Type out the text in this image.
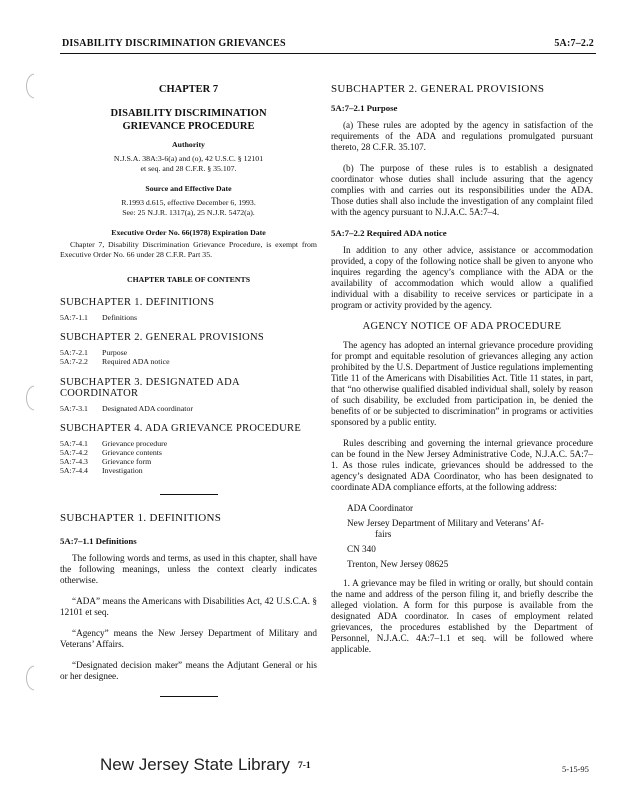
DISABILITY DISCRIMINATION GRIEVANCES	5A:7–2.2
CHAPTER 7
DISABILITY DISCRIMINATION
GRIEVANCE PROCEDURE
Authority
N.J.S.A. 38A:3-6(a) and (o), 42 U.S.C. § 12101
et seq. and 28 C.F.R. § 35.107.
Source and Effective Date
R.1993 d.615, effective December 6, 1993.
See: 25 N.J.R. 1317(a), 25 N.J.R. 5472(a).
Executive Order No. 66(1978) Expiration Date
Chapter 7, Disability Discrimination Grievance Procedure, is exempt from Executive Order No. 66 under 28 C.F.R. Part 35.
CHAPTER TABLE OF CONTENTS
SUBCHAPTER 1. DEFINITIONS
5A:7-1.1	Definitions
SUBCHAPTER 2. GENERAL PROVISIONS
5A:7-2.1	Purpose
5A:7-2.2	Required ADA notice
SUBCHAPTER 3. DESIGNATED ADA COORDINATOR
5A:7-3.1	Designated ADA coordinator
SUBCHAPTER 4. ADA GRIEVANCE PROCEDURE
5A:7-4.1	Grievance procedure
5A:7-4.2	Grievance contents
5A:7-4.3	Grievance form
5A:7-4.4	Investigation
SUBCHAPTER 1. DEFINITIONS
5A:7–1.1 Definitions

The following words and terms, as used in this chapter, shall have the following meanings, unless the context clearly indicates otherwise.

“ADA” means the Americans with Disabilities Act, 42 U.S.C.A. § 12101 et seq.

“Agency” means the New Jersey Department of Military and Veterans’ Affairs.

“Designated decision maker” means the Adjutant General or his or her designee.

SUBCHAPTER 2. GENERAL PROVISIONS
5A:7–2.1 Purpose

(a) These rules are adopted by the agency in satisfaction of the requirements of the ADA and regulations promulgated pursuant thereto, 28 C.F.R. 35.107.

(b) The purpose of these rules is to establish a designated coordinator whose duties shall include assuring that the agency complies with and carries out its responsibilities under the ADA. Those duties shall also include the investigation of any complaint filed with the agency pursuant to N.J.A.C. 5A:7–4.

5A:7–2.2 Required ADA notice

In addition to any other advice, assistance or accommodation provided, a copy of the following notice shall be given to anyone who inquires regarding the agency’s compliance with the ADA or the availability of accommodation which would allow a qualified individual with a disability to receive services or participate in a program or activity provided by the agency.

AGENCY NOTICE OF ADA PROCEDURE

The agency has adopted an internal grievance procedure providing for prompt and equitable resolution of grievances alleging any action prohibited by the U.S. Department of Justice regulations implementing Title 11 of the Americans with Disabilities Act. Title 11 states, in part, that “no otherwise qualified disabled individual shall, solely by reason of such disability, be excluded from participation in, be denied the benefits of or be subjected to discrimination” in programs or activities sponsored by a public entity.

Rules describing and governing the internal grievance procedure can be found in the New Jersey Administrative Code, N.J.A.C. 5A:7–1. As those rules indicate, grievances should be addressed to the agency’s designated ADA Coordinator, who has been designated to coordinate ADA compliance efforts, at the following address:

ADA Coordinator
New Jersey Department of Military and Veterans’ Af-
fairs
CN 340
Trenton, New Jersey 08625

1. A grievance may be filed in writing or orally, but should contain the name and address of the person filing it, and briefly describe the alleged violation. A form for this purpose is available from the designated ADA coordinator. In cases of employment related grievances, the procedures established by the Department of Personnel, N.J.A.C. 4A:7–1.1 et seq. will be followed where applicable.

New Jersey State Library 7-1	5-15-95
